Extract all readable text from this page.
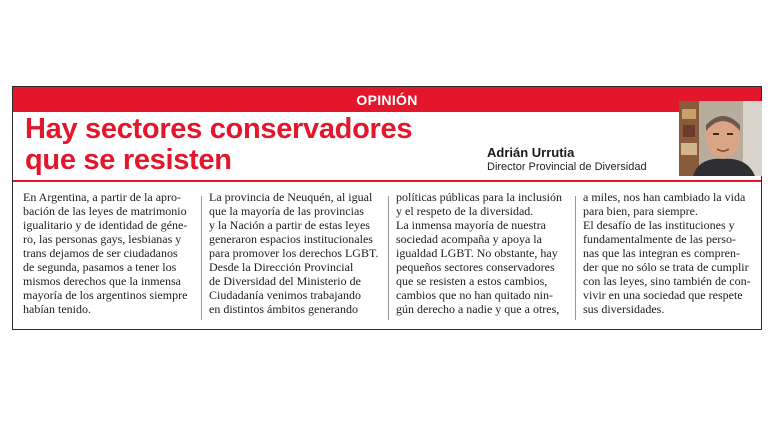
OPINIÓN
Hay sectores conservadores
que se resisten	Adrián Urrutia
Director Provincial de Diversidad
En Argentina, a partir de la apro-
bación de las leyes de matrimonio
igualitario y de identidad de géne-
ro, las personas gays, lesbianas y
trans dejamos de ser ciudadanos
de segunda, pasamos a tener los
mismos derechos que la inmensa
mayoría de los argentinos siempre
habían tenido.
La provincia de Neuquén, al igual
que la mayoría de las provincias
y la Nación a partir de estas leyes
generaron espacios institucionales
para promover los derechos LGBT.
Desde la Dirección Provincial
de Diversidad del Ministerio de
Ciudadanía venimos trabajando
en distintos ámbitos generando
políticas públicas para la inclusión
y el respeto de la diversidad.
La inmensa mayoría de nuestra
sociedad acompaña y apoya la
igualdad LGBT. No obstante, hay
pequeños sectores conservadores
que se resisten a estos cambios,
cambios que no han quitado nin-
gún derecho a nadie y que a otres,
a miles, nos han cambiado la vida
para bien, para siempre.
El desafío de las instituciones y
fundamentalmente de las perso-
nas que las integran es compren-
der que no sólo se trata de cumplir
con las leyes, sino también de con-
vivir en una sociedad que respete
sus diversidades.
